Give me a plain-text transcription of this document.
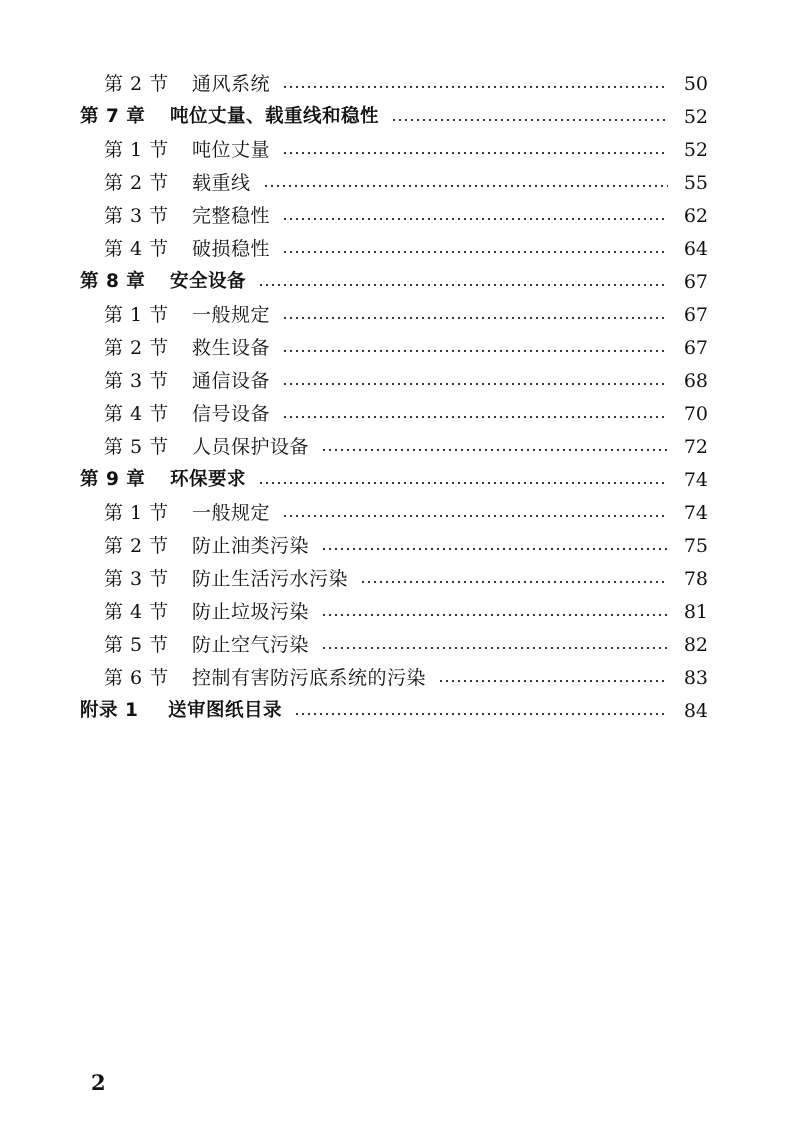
第 2 节 通风系统	50
第 7 章 吨位丈量、载重线和稳性	52
第 1 节 吨位丈量	52
第 2 节 载重线	55
第 3 节 完整稳性	62
第 4 节 破损稳性	64
第 8 章 安全设备	67
第 1 节 一般规定	67
第 2 节 救生设备	67
第 3 节 通信设备	68
第 4 节 信号设备	70
第 5 节 人员保护设备	72
第 9 章 环保要求	74
第 1 节 一般规定	74
第 2 节 防止油类污染	75
第 3 节 防止生活污水污染	78
第 4 节 防止垃圾污染	81
第 5 节 防止空气污染	82
第 6 节 控制有害防污底系统的污染	83
附录 1 送审图纸目录	84
2
